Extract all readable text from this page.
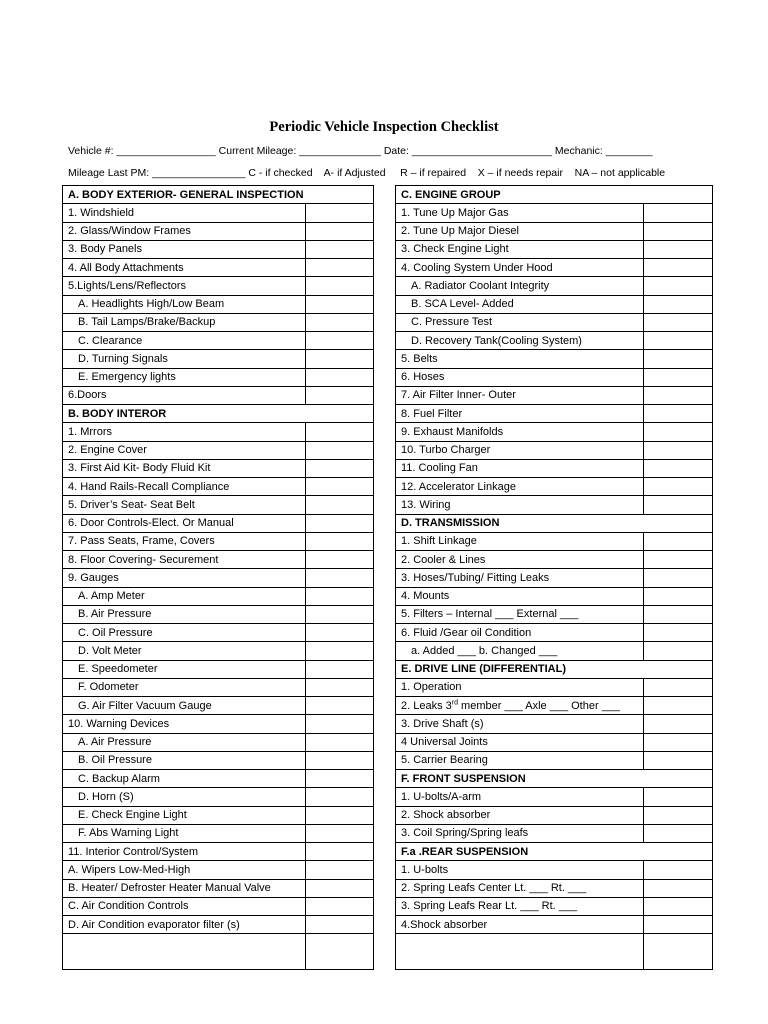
Periodic Vehicle Inspection Checklist
Vehicle #: _________________ Current Mileage: ______________ Date: ________________________ Mechanic: ________
Mileage Last PM: ________________ C - if checked    A- if Adjusted     R – if repaired    X – if needs repair    NA – not applicable
A. BODY EXTERIOR- GENERAL INSPECTION	
1. Windshield	
2. Glass/Window Frames	
3. Body Panels	
4. All Body Attachments	
5.Lights/Lens/Reflectors	
A. Headlights High/Low Beam	
B. Tail Lamps/Brake/Backup	
C. Clearance	
D. Turning Signals	
E. Emergency lights	
6.Doors	
B. BODY INTEROR	
1. Mrrors	
2. Engine Cover	
3. First Aid Kit- Body Fluid Kit	
4. Hand Rails-Recall Compliance	
5. Driver’s Seat- Seat Belt	
6. Door Controls-Elect. Or Manual	
7. Pass Seats, Frame, Covers	
8. Floor Covering- Securement	
9. Gauges	
A. Amp Meter	
B. Air Pressure	
C. Oil Pressure	
D. Volt Meter	
E. Speedometer	
F. Odometer	
G. Air Filter Vacuum Gauge	
10. Warning Devices	
A. Air Pressure	
B. Oil Pressure	
C. Backup Alarm	
D. Horn (S)	
E. Check Engine Light	
F. Abs Warning Light	
11. Interior Control/System	
A. Wipers Low-Med-High	
B. Heater/ Defroster Heater Manual Valve	
C. Air Condition Controls	
D. Air Condition evaporator filter (s)	

C. ENGINE GROUP	
1. Tune Up Major Gas	
2. Tune Up Major Diesel	
3. Check Engine Light	
4. Cooling System Under Hood	
A. Radiator Coolant Integrity	
B. SCA Level- Added	
C. Pressure Test	
D. Recovery Tank(Cooling System)	
5. Belts	
6. Hoses	
7. Air Filter Inner- Outer	
8. Fuel Filter	
9. Exhaust Manifolds	
10. Turbo Charger	
11. Cooling Fan	
12. Accelerator Linkage	
13. Wiring	
D. TRANSMISSION	
1. Shift Linkage	
2. Cooler & Lines	
3. Hoses/Tubing/ Fitting Leaks	
4. Mounts	
5. Filters – Internal ___ External ___	
6. Fluid /Gear oil Condition	
a. Added ___ b. Changed ___	
E. DRIVE LINE (DIFFERENTIAL)	
1. Operation	
2. Leaks 3rd member ___ Axle ___ Other ___	
3. Drive Shaft (s)	
4 Universal Joints	
5. Carrier Bearing	
F. FRONT SUSPENSION	
1. U-bolts/A-arm	
2. Shock absorber	
3. Coil Spring/Spring leafs	
F.a .REAR SUSPENSION	
1. U-bolts	
2. Spring Leafs Center Lt. ___ Rt. ___	
3. Spring Leafs Rear Lt. ___ Rt. ___	
4.Shock absorber	
